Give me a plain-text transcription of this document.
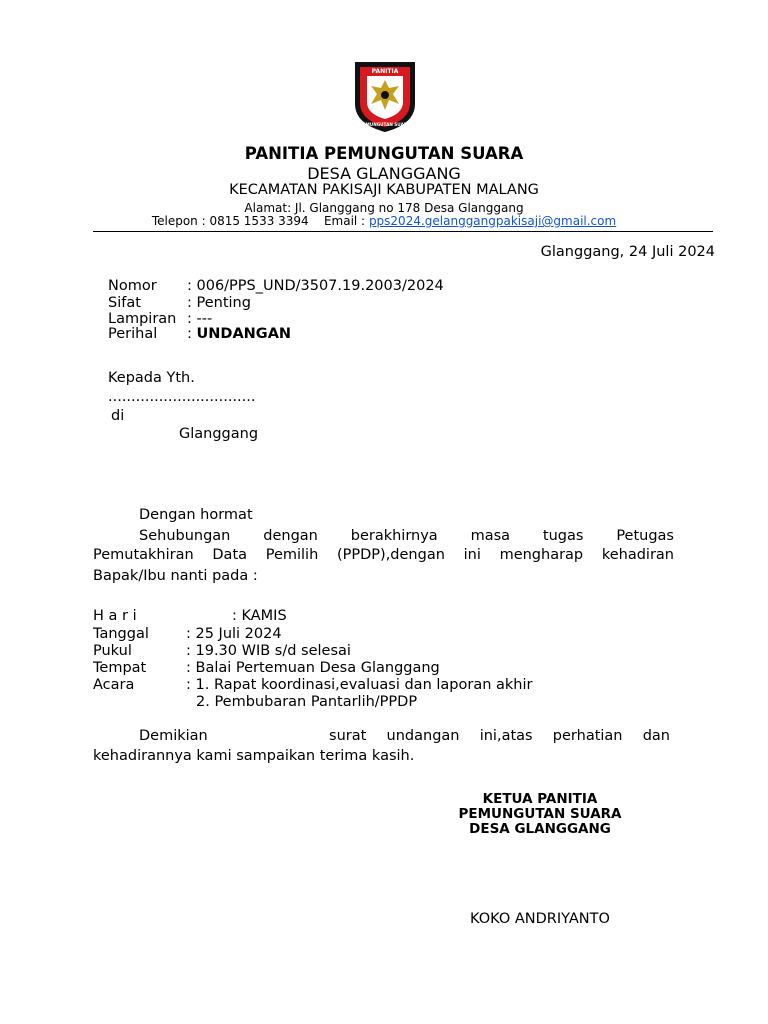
PANITIA
PEMUNGUTAN SUARA
PANITIA PEMUNGUTAN SUARA
DESA GLANGGANG
KECAMATAN PAKISAJI KABUPATEN MALANG
Alamat: Jl. Glanggang no 178 Desa Glanggang
Telepon : 0815 1533 3394 Email : pps2024.gelanggangpakisaji@gmail.com
Glanggang, 24 Juli 2024
Nomor : 006/PPS_UND/3507.19.2003/2024
Sifat	: Penting
Lampiran : ---
Perihal : UNDANGAN
Kepada Yth.
................................
di
Glanggang
Dengan hormat
Sehubungan dengan berakhirnya masa tugas Petugas
Pemutakhiran Data Pemilih (PPDP),dengan ini mengharap kehadiran
Bapak/Ibu nanti pada :
H a r i	: KAMIS
Tanggal	: 25 Juli 2024
Pukul	: 19.30 WIB s/d selesai
Tempat	: Balai Pertemuan Desa Glanggang
Acara	: 1. Rapat koordinasi,evaluasi dan laporan akhir
2. Pembubaran Pantarlih/PPDP
Demikian      surat undangan ini,atas perhatian dan
kehadirannya kami sampaikan terima kasih.
KETUA PANITIA
PEMUNGUTAN SUARA
DESA GLANGGANG
KOKO ANDRIYANTO
